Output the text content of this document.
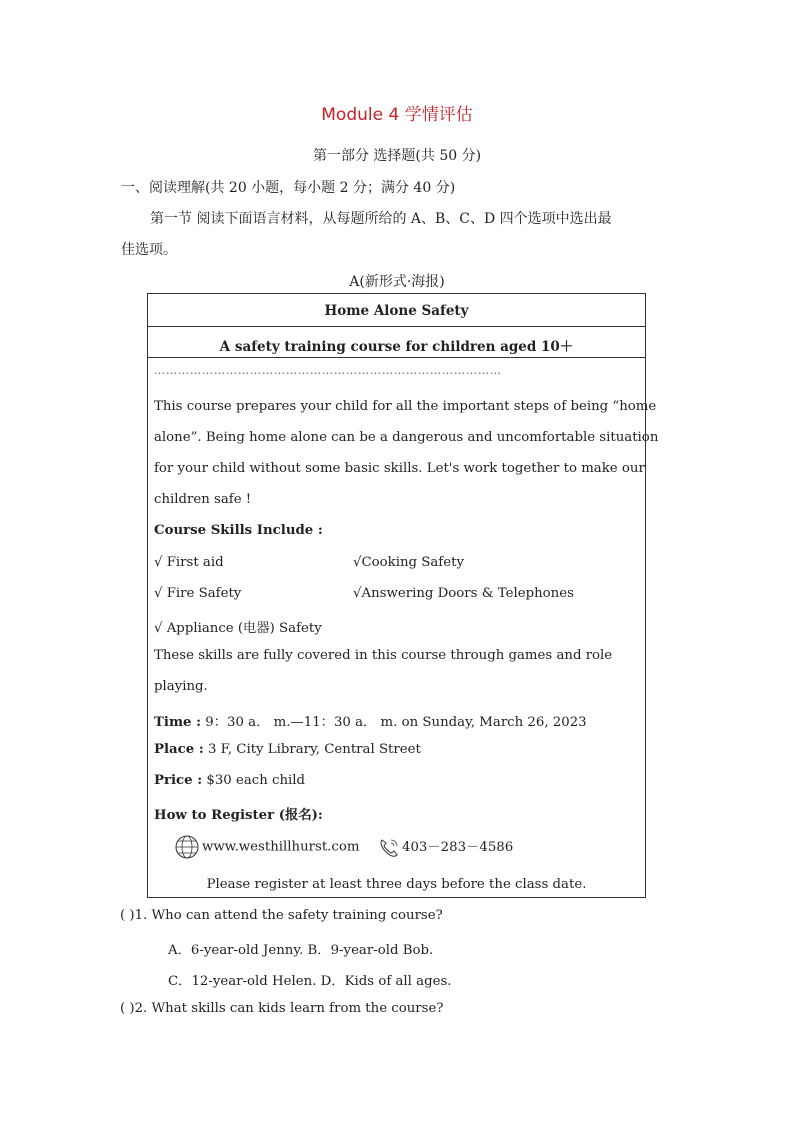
Module 4 学情评估
第一部分 选择题(共 50 分)
一、阅读理解(共 20 小题，每小题 2 分；满分 40 分)
第一节 阅读下面语言材料，从每题所给的 A、B、C、D 四个选项中选出最
佳选项。
A(新形式·海报)
Home Alone Safety
A safety training course for children aged 10＋
……………………………………………………………………………
This course prepares your child for all the important steps of being “home
alone”. Being home alone can be a dangerous and uncomfortable situation
for your child without some basic skills. Let's work together to make our
children safe !
Course Skills Include :
√ First aid	√Cooking Safety
√ Fire Safety	√Answering Doors & Telephones
√ Appliance (电器) Safety
These skills are fully covered in this course through games and role
playing.
Time : 9：30 a． m.—11：30 a． m. on Sunday, March 26, 2023
Place : 3 F, City Library, Central Street
Price : $30 each child
How to Register (报名):
www.westhillhurst.com	403－283－4586
Please register at least three days before the class date.
( )1. Who can attend the safety training course?
A．6-year-old Jenny. B．9-year-old Bob.
C．12-year-old Helen. D．Kids of all ages.
( )2. What skills can kids learn from the course?
